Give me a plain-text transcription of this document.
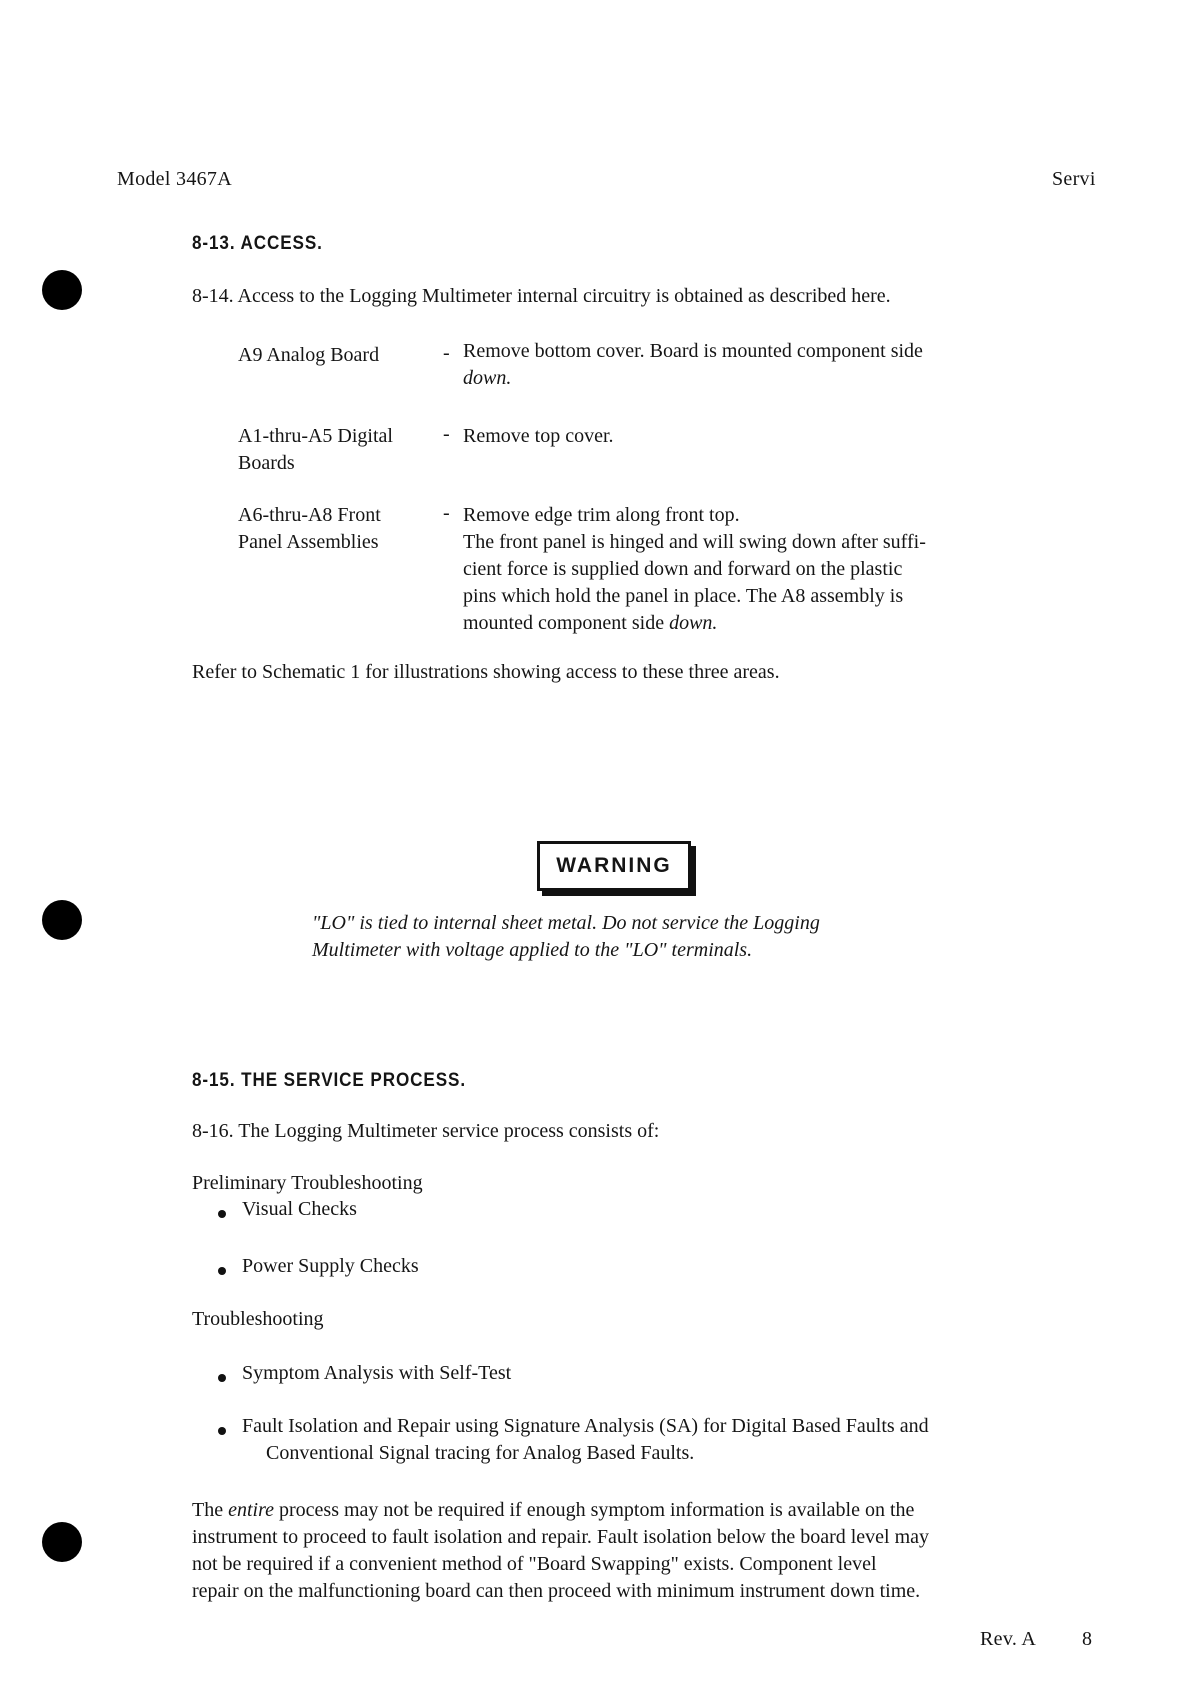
Model 3467A	Servi
8-13. ACCESS.
8-14. Access to the Logging Multimeter internal circuitry is obtained as described here.
A9 Analog Board	- Remove bottom cover. Board is mounted component side
down.
A1-thru-A5 Digital
Boards
- Remove top cover.
A6-thru-A8 Front
Panel Assemblies
- Remove edge trim along front top.
The front panel is hinged and will swing down after suffi-
cient force is supplied down and forward on the plastic
pins which hold the panel in place. The A8 assembly is
mounted component side down.
Refer to Schematic 1 for illustrations showing access to these three areas.
WARNING
"LO" is tied to internal sheet metal. Do not service the Logging
Multimeter with voltage applied to the "LO" terminals.
8-15. THE SERVICE PROCESS.
8-16. The Logging Multimeter service process consists of:
Preliminary Troubleshooting
Visual Checks
Power Supply Checks
Troubleshooting
Symptom Analysis with Self-Test
Fault Isolation and Repair using Signature Analysis (SA) for Digital Based Faults and
Conventional Signal tracing for Analog Based Faults.
The entire process may not be required if enough symptom information is available on the
instrument to proceed to fault isolation and repair. Fault isolation below the board level may
not be required if a convenient method of "Board Swapping" exists. Component level
repair on the malfunctioning board can then proceed with minimum instrument down time.
Rev. A 8
